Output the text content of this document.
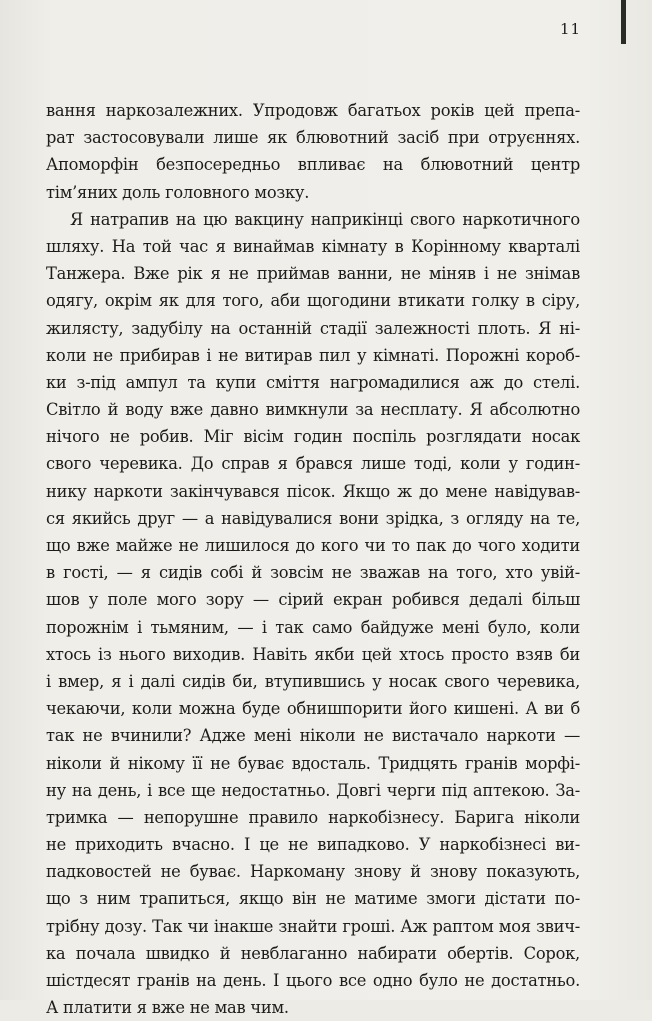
11
вання наркозалежних. Упродовж багатьох років цей препа-
рат застосовували лише як блювотний засіб при отруєннях.
Апоморфін безпосередньо впливає на блювотний центр
тім’яних доль головного мозку.
Я натрапив на цю вакцину наприкінці свого наркотичного
шляху. На той час я винаймав кімнату в Корінному кварталі
Танжера. Вже рік я не приймав ванни, не міняв і не знімав
одягу, окрім як для того, аби щогодини втикати голку в сіру,
жилясту, задубілу на останній стадії залежності плоть. Я ні-
коли не прибирав і не витирав пил у кімнаті. Порожні короб-
ки з-під ампул та купи сміття нагромадилися аж до стелі.
Світло й воду вже давно вимкнули за несплату. Я абсолютно
нічого не робив. Міг вісім годин поспіль розглядати носак
свого черевика. До справ я брався лише тоді, коли у годин-
нику наркоти закінчувався пісок. Якщо ж до мене навідував-
ся якийсь друг — а навідувалися вони зрідка, з огляду на те,
що вже майже не лишилося до кого чи то пак до чого ходити
в гості, — я сидів собі й зовсім не зважав на того, хто увій-
шов у поле мого зору — сірий екран робився дедалі більш
порожнім і тьмяним, — і так само байдуже мені було, коли
хтось із нього виходив. Навіть якби цей хтось просто взяв би
і вмер, я і далі сидів би, втупившись у носак свого черевика,
чекаючи, коли можна буде обнишпорити його кишені. А ви б
так не вчинили? Адже мені ніколи не вистачало наркоти —
ніколи й нікому її не буває вдосталь. Тридцять гранів морфі-
ну на день, і все ще недостатньо. Довгі черги під аптекою. За-
тримка — непорушне правило наркобізнесу. Барига ніколи
не приходить вчасно. І це не випадково. У наркобізнесі ви-
падковостей не буває. Наркоману знову й знову показують,
що з ним трапиться, якщо він не матиме змоги дістати по-
трібну дозу. Так чи інакше знайти гроші. Аж раптом моя звич-
ка почала швидко й невблаганно набирати обертів. Сорок,
шістдесят гранів на день. І цього все одно було не достатньо.
А платити я вже не мав чим.
